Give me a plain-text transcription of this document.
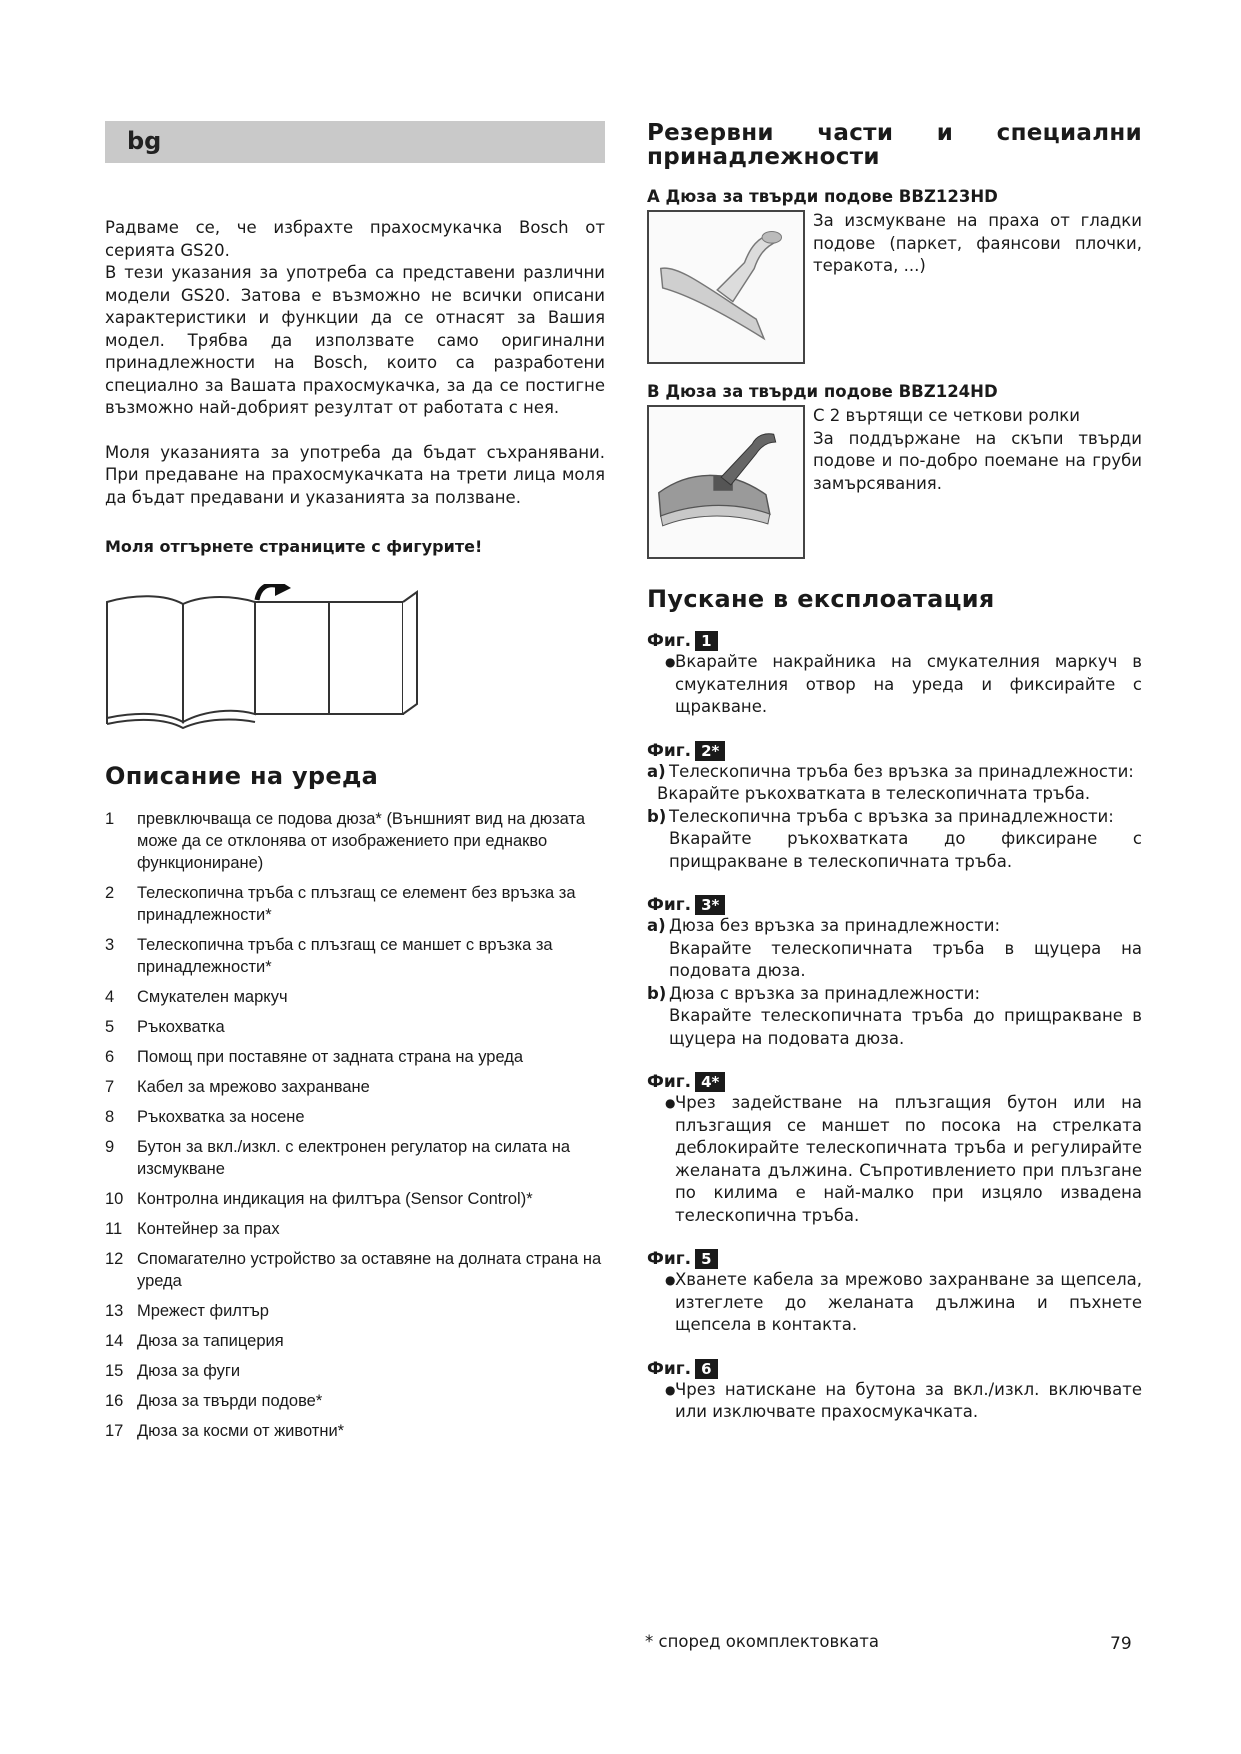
bg

Радваме се, че избрахте прахосмукачка Bosch от серията GS20.

В тези указания за употреба са представени различни модели GS20. Затова е възможно не всички описани характеристики и функции да се отнасят за Вашия модел. Трябва да използвате само оригинални принадлежности на Bosch, които са разработени специално за Вашата прахосмукачка, за да се постигне възможно най-добрият резултат от работата с нея.

Моля указанията за употреба да бъдат съхранявани. При предаване на прахосмукачката на трети лица моля да бъдат предавани и указанията за ползване.

Моля отгърнете страниците с фигурите!
Описание на уреда
1	превключваща се подова дюза* (Външният вид на дюзата може да се отклонява от изображението при еднакво функциониране)
2	Телескопична тръба с плъзгащ се елемент без връзка за принадлежности*
3	Телескопична тръба с плъзгащ се маншет с връзка за принадлежности*
4	Смукателен маркуч
5	Ръкохватка
6	Помощ при поставяне от задната страна на уреда
7	Кабел за мрежово захранване
8	Ръкохватка за носене
9	Бутон за вкл./изкл. с електронен регулатор на силата на изсмукване
10 Контролна индикация на филтъра (Sensor Control)*
11 Контейнер за прах
12 Спомагателно устройство за оставяне на долната страна на уреда
13 Мрежест филтър
14 Дюза за тапицерия
15 Дюза за фуги
16 Дюза за твърди подове*
17 Дюза за косми от животни*
Резервни части и специални принадлежности
A Дюза за твърди подове BBZ123HD
За изсмукване на праха от гладки подове (паркет, фаянсови плочки, теракота, ...)
B Дюза за твърди подове BBZ124HD
С 2 въртящи се четкови ролки
За поддържане на скъпи твърди подове и по-добро поемане на груби замърсявания.
Пускане в експлоатация
Фиг. 1
● Вкарайте накрайника на смукателния маркуч в смукателния отвор на уреда и фиксирайте с щракване.
Фиг. 2*
a) Телескопична тръба без връзка за принадлежности:
Вкарайте ръкохватката в телескопичната тръба.
b) Телескопична тръба с връзка за принадлежности:
Вкарайте ръкохватката до фиксиране с прищракване в телескопичната тръба.
Фиг. 3*
a) Дюза без връзка за принадлежности:
Вкарайте телескопичната тръба в щуцера на подовата дюза.
b) Дюза с връзка за принадлежности:
Вкарайте телескопичната тръба до прищракване в щуцера на подовата дюза.
Фиг. 4*
● Чрез задействане на плъзгащия бутон или на плъзгащия се маншет по посока на стрелката деблокирайте телескопичната тръба и регулирайте желаната дължина. Съпротивлението при плъзгане по килима е най-малко при изцяло извадена телескопична тръба.
Фиг. 5
● Хванете кабела за мрежово захранване за щепсела, изтеглете до желаната дължина и пъхнете щепсела в контакта.
Фиг. 6
● Чрез натискане на бутона за вкл./изкл. включвате или изключвате прахосмукачката.
* според окомплектовката	79
